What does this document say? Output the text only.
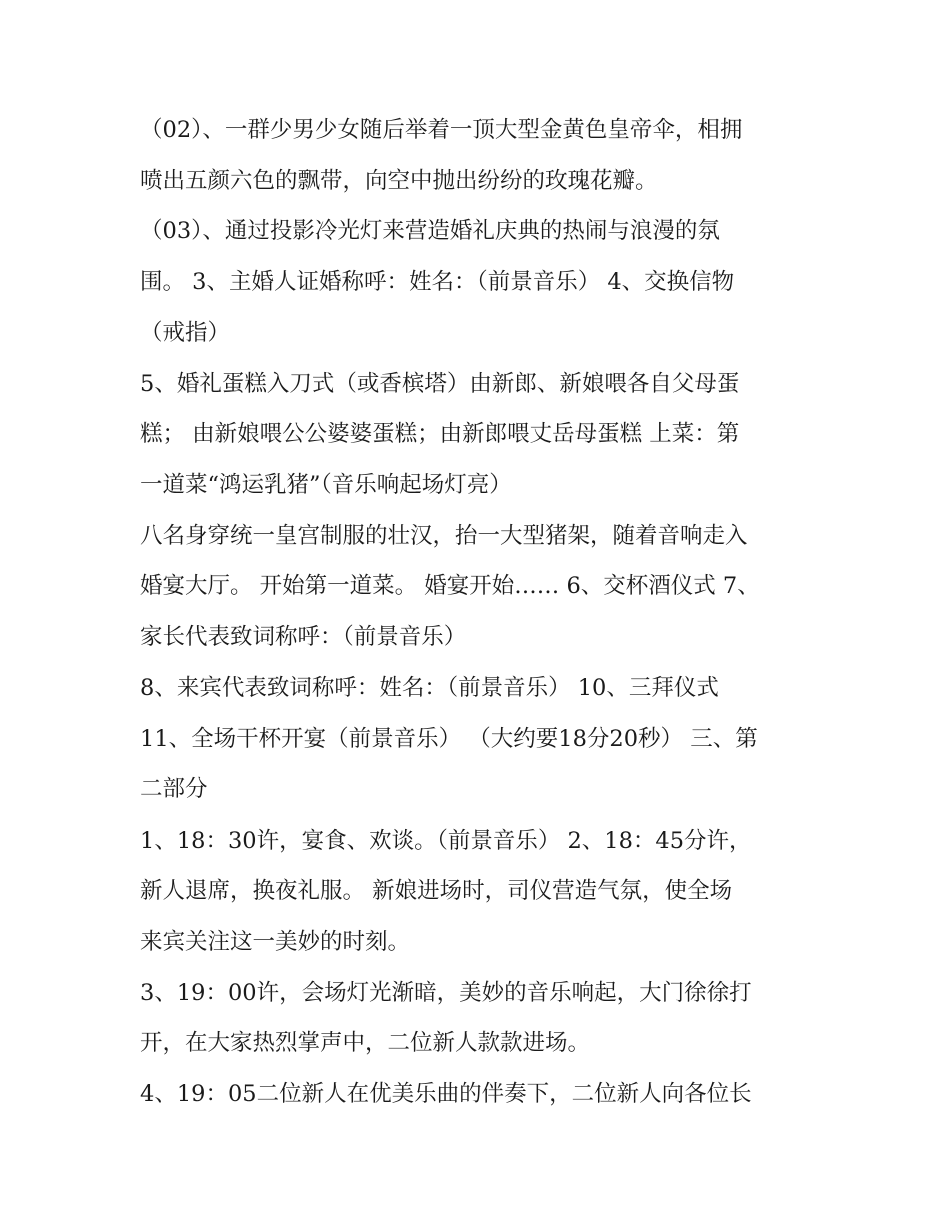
（02）、一群少男少女随后举着一顶大型金黄色皇帝伞，相拥
喷出五颜六色的飘带，向空中抛出纷纷的玫瑰花瓣。
（03）、通过投影冷光灯来营造婚礼庆典的热闹与浪漫的氛
围。 3、主婚人证婚称呼：姓名：（前景音乐） 4、交换信物
（戒指）
5、婚礼蛋糕入刀式（或香槟塔）由新郎、新娘喂各自父母蛋
糕； 由新娘喂公公婆婆蛋糕；由新郎喂丈岳母蛋糕 上菜：第
一道菜“鸿运乳猪”（音乐响起场灯亮）
八名身穿统一皇宫制服的壮汉，抬一大型猪架，随着音响走入
婚宴大厅。 开始第一道菜。 婚宴开始…… 6、交杯酒仪式 7、
家长代表致词称呼：（前景音乐）
8、来宾代表致词称呼：姓名：（前景音乐） 10、三拜仪式
11、全场干杯开宴（前景音乐） （大约要18分20秒） 三、第
二部分
1、18：30许，宴食、欢谈。（前景音乐） 2、18：45分许，
新人退席，换夜礼服。 新娘进场时，司仪营造气氛，使全场
来宾关注这一美妙的时刻。
3、19：00许，会场灯光渐暗，美妙的音乐响起，大门徐徐打
开，在大家热烈掌声中，二位新人款款进场。
4、19：05二位新人在优美乐曲的伴奏下，二位新人向各位长
